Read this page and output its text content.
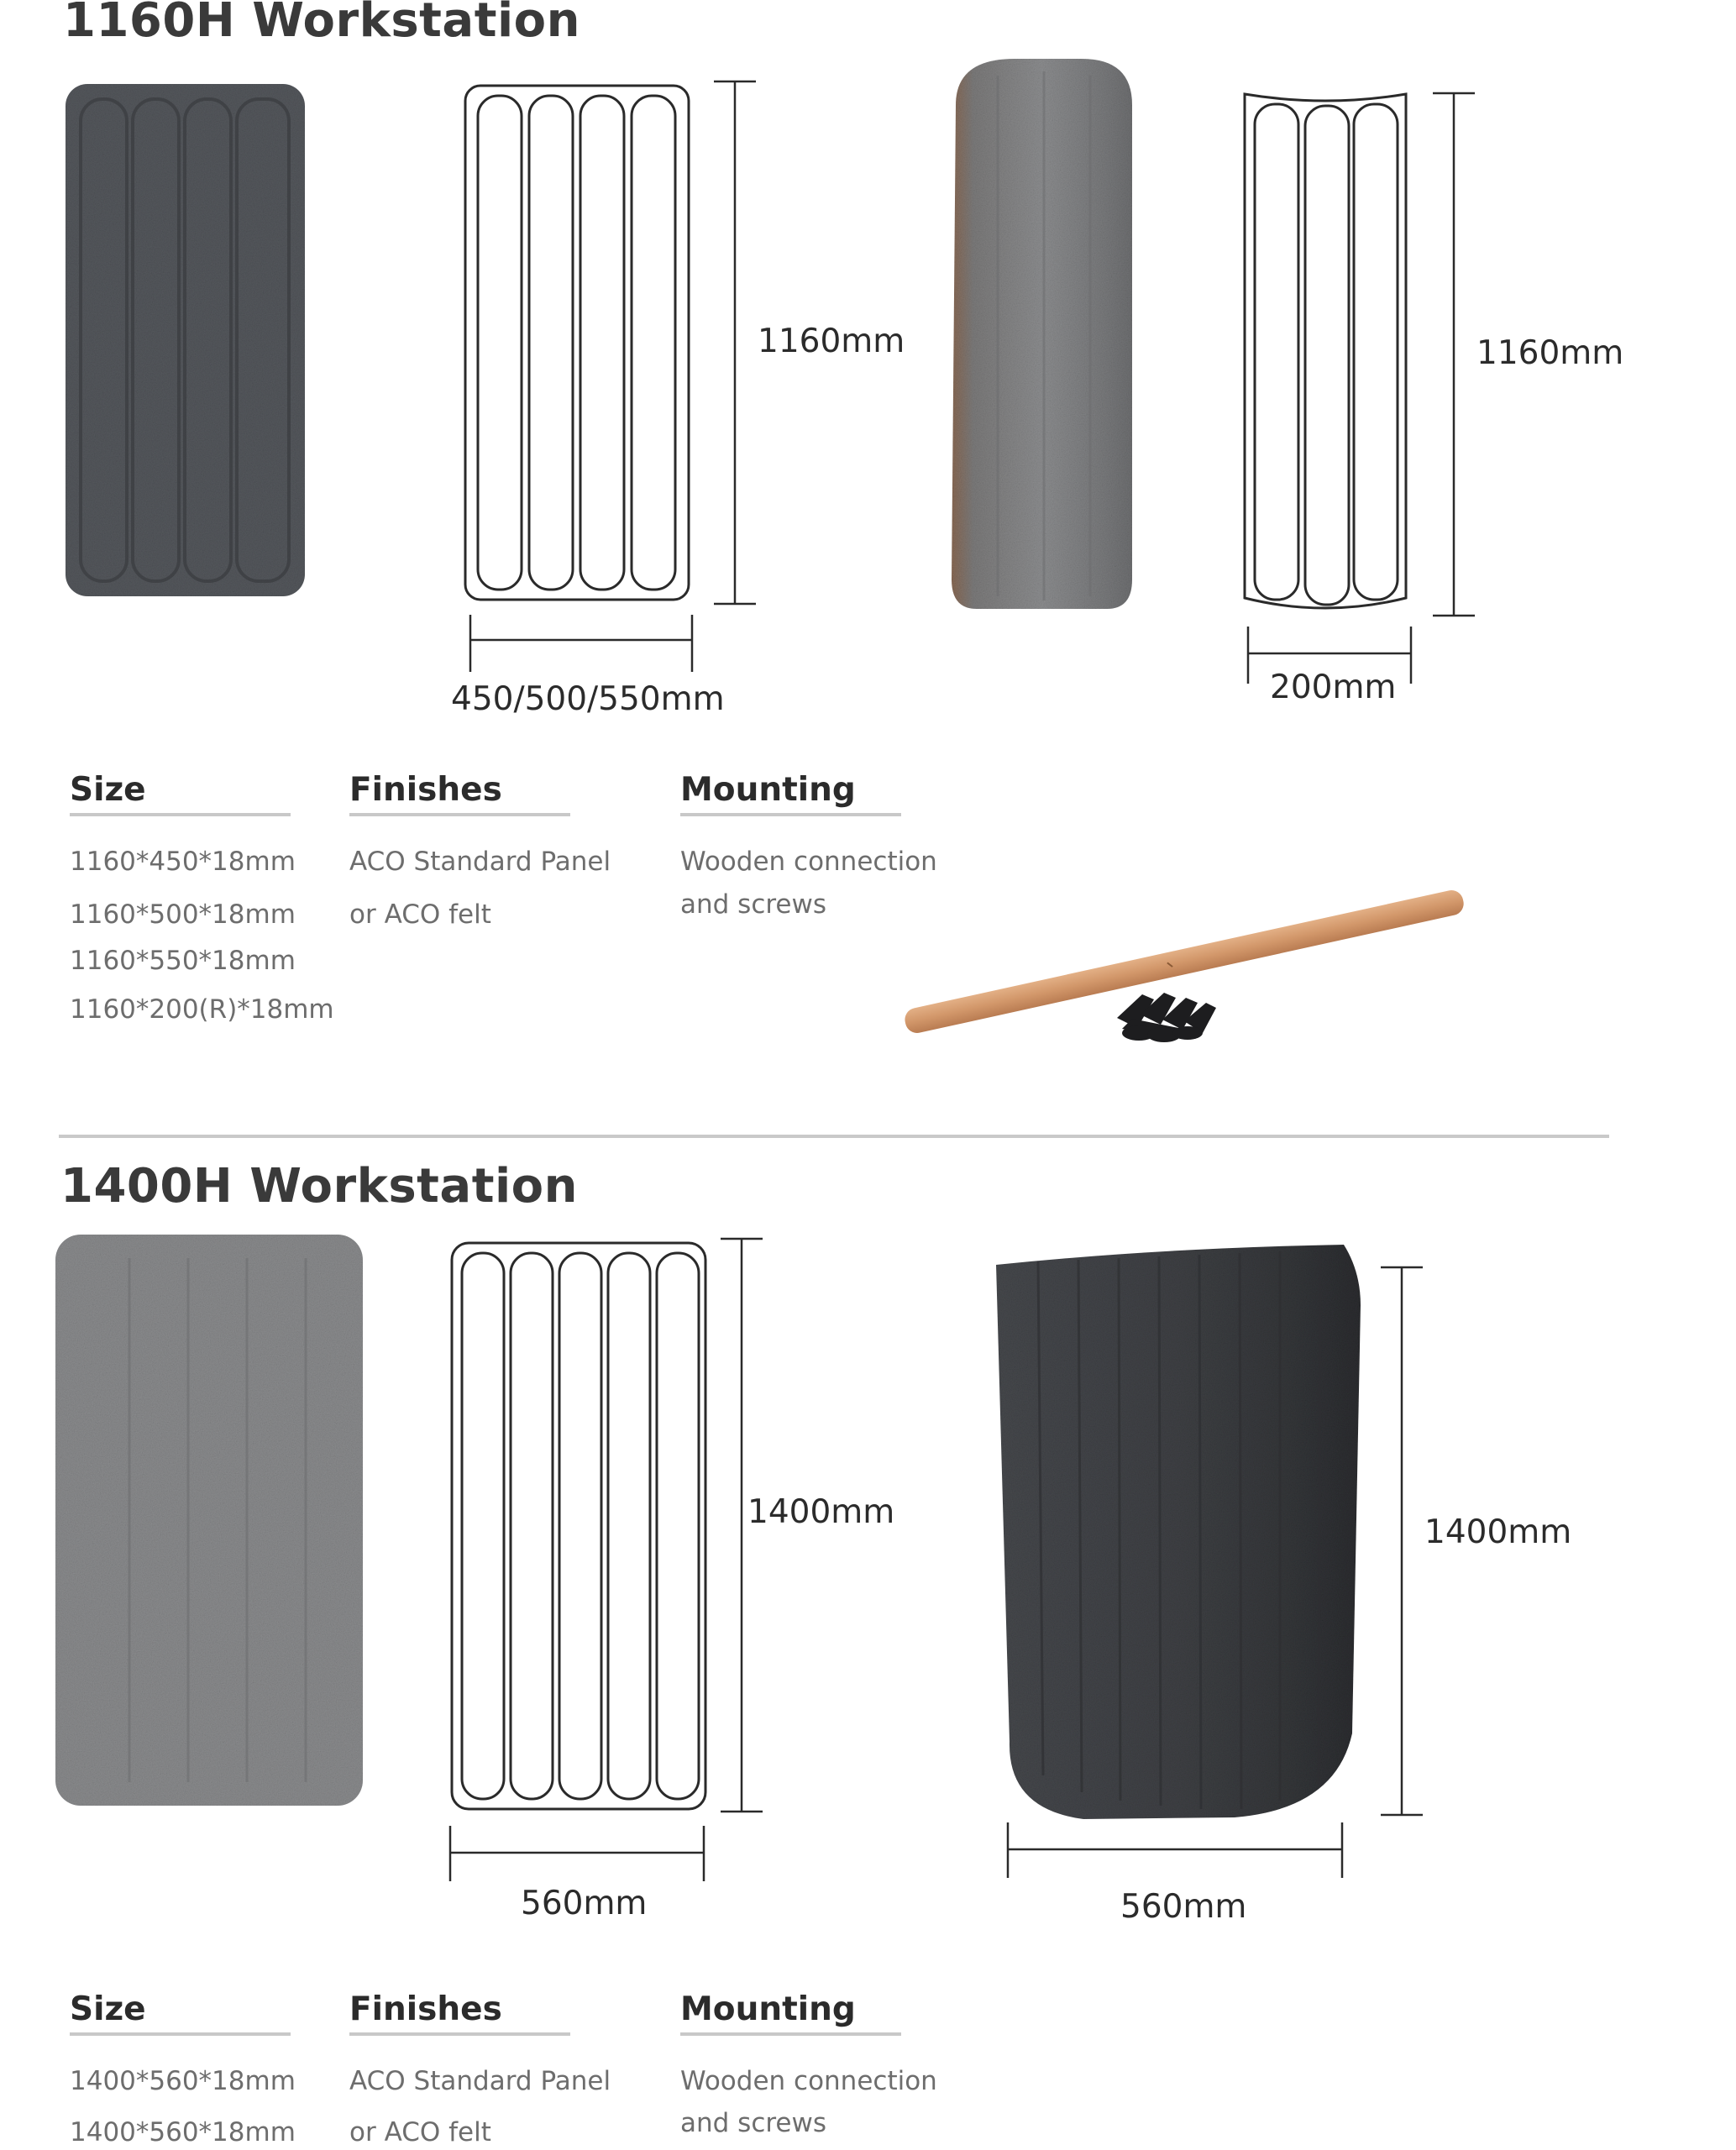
1160H Workstation
1160mm
450/500/550mm
1160mm
200mm
Size
1160*450*18mm
1160*500*18mm
1160*550*18mm
1160*200(R)*18mm
Finishes
ACO Standard Panel
or ACO felt
Mounting
Wooden connection
and screws
1400H Workstation
1400mm
560mm
1400mm
560mm
Size
1400*560*18mm
1400*560*18mm
Finishes
ACO Standard Panel
or ACO felt
Mounting
Wooden connection
and screws
